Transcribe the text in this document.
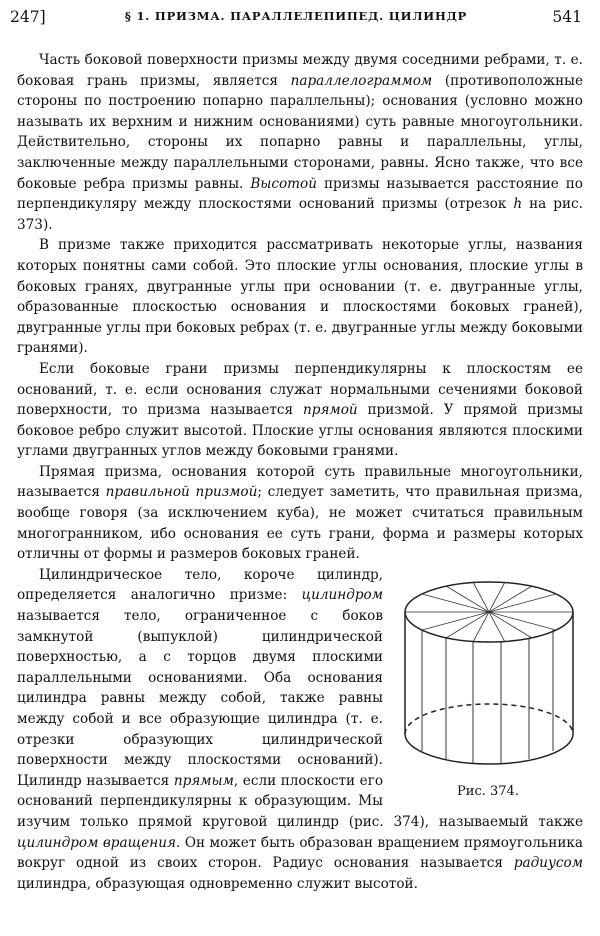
247]	§ 1. ПРИЗМА. ПАРАЛЛЕЛЕПИПЕД. ЦИЛИНДР	541

Часть боковой поверхности призмы между двумя соседними ребрами, т. е. боковая грань призмы, является параллелограммом (противоположные стороны по построению попарно параллельны); основания (условно можно называть их верхним и нижним основаниями) суть равные многоугольники. Действительно, стороны их попарно равны и параллельны, углы, заключенные между параллельными сторонами, равны. Ясно также, что все боковые ребра призмы равны. Высотой призмы называется расстояние по перпендикуляру между плоскостями оснований призмы (отрезок h на рис. 373).

В призме также приходится рассматривать некоторые углы, названия которых понятны сами собой. Это плоские углы основания, плоские углы в боковых гранях, двугранные углы при основании (т. е. двугранные углы, образованные плоскостью основания и плоскостями боковых граней), двугранные углы при боковых ребрах (т. е. двугранные углы между боковыми гранями).

Если боковые грани призмы перпендикулярны к плоскостям ее оснований, т. е. если основания служат нормальными сечениями боковой поверхности, то призма называется прямой призмой. У прямой призмы боковое ребро служит высотой. Плоские углы основания являются плоскими углами двугранных углов между боковыми гранями.

Прямая призма, основания которой суть правильные многоугольники, называется правильной призмой; следует заметить, что правильная призма, вообще говоря (за исключением куба), не может считаться правильным многогранником, ибо основания ее суть грани, форма и размеры которых отличны от формы и размеров боковых граней.

Рис. 374.

Цилиндрическое тело, короче цилиндр, определяется аналогично призме: цилиндром называется тело, ограниченное с боков замкнутой (выпуклой) цилиндрической поверхностью, а с торцов двумя плоскими параллельными основаниями. Оба основания цилиндра равны между собой, также равны между собой и все образующие цилиндра (т. е. отрезки образующих цилиндрической поверхности между плоскостями оснований). Цилиндр называется прямым, если плоскости его оснований перпендикулярны к образующим. Мы изучим только прямой круговой цилиндр (рис. 374), называемый также цилиндром вращения. Он может быть образован вращением прямоугольника вокруг одной из своих сторон. Радиус основания называется радиусом цилиндра, образующая одновременно служит высотой.
